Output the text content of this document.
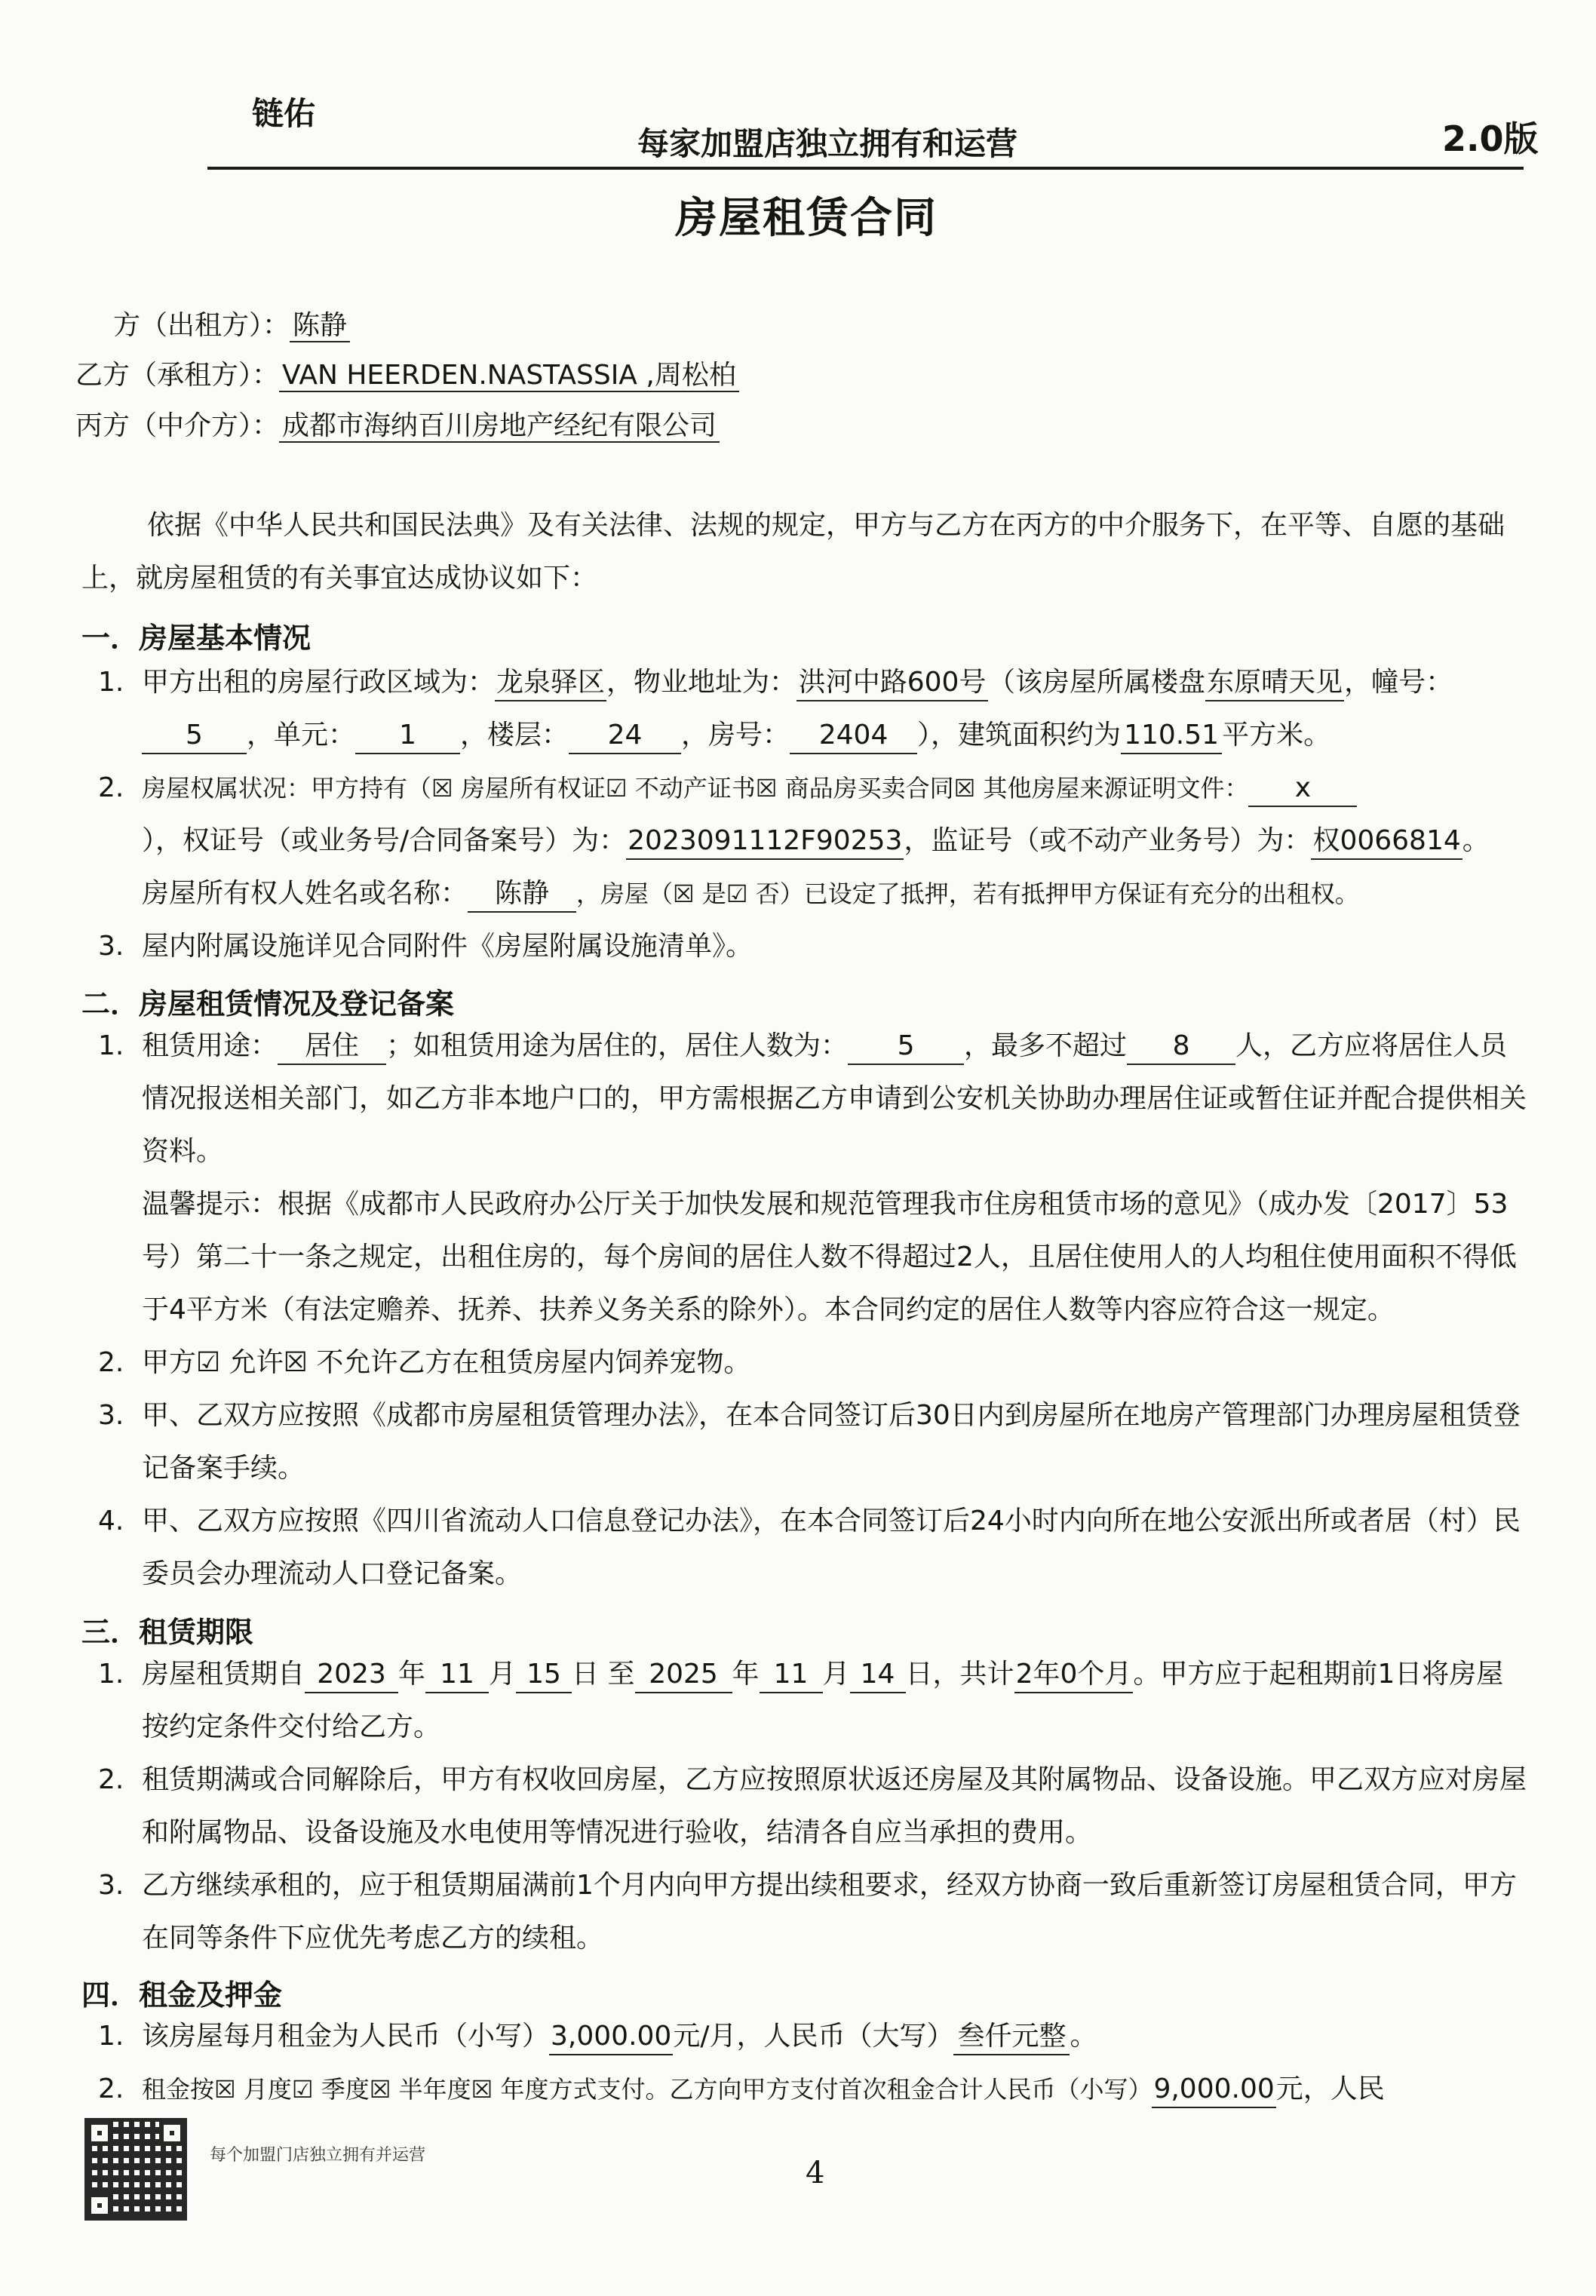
链佑
每家加盟店独立拥有和运营	2.0版
房屋租赁合同
方（出租方）： 陈静
乙方（承租方）： VAN HEERDEN.NASTASSIA ,周松柏
丙方（中介方）： 成都市海纳百川房地产经纪有限公司
依据《中华人民共和国民法典》及有关法律、法规的规定，甲方与乙方在丙方的中介服务下，在平等、自愿的基础
上，就房屋租赁的有关事宜达成协议如下：
一．房屋基本情况
1. 甲方出租的房屋行政区域为：龙泉驿区，物业地址为：洪河中路600号（该房屋所属楼盘东原晴天见，幢号：
5 ，单元： 1 ，楼层： 24 ，房号： 2404 ），建筑面积约为 110.51 平方米。
2. 房屋权属状况：甲方持有（☒ 房屋所有权证☑ 不动产证书☒ 商品房买卖合同☒ 其他房屋来源证明文件： x
），权证号（或业务号/合同备案号）为：2023091112F90253，监证号（或不动产业务号）为：权0066814。
房屋所有权人姓名或名称： 陈静 ，房屋（☒ 是☑ 否）已设定了抵押，若有抵押甲方保证有充分的出租权。
3. 屋内附属设施详见合同附件《房屋附属设施清单》。
二．房屋租赁情况及登记备案
1. 租赁用途： 居住 ；如租赁用途为居住的，居住人数为： 5 ，最多不超过 8 人，乙方应将居住人员
情况报送相关部门，如乙方非本地户口的，甲方需根据乙方申请到公安机关协助办理居住证或暂住证并配合提供相关
资料。
温馨提示：根据《成都市人民政府办公厅关于加快发展和规范管理我市住房租赁市场的意见》（成办发〔2017〕53
号）第二十一条之规定，出租住房的，每个房间的居住人数不得超过2人，且居住使用人的人均租住使用面积不得低
于4平方米（有法定赡养、抚养、扶养义务关系的除外）。本合同约定的居住人数等内容应符合这一规定。
2. 甲方☑ 允许☒ 不允许乙方在租赁房屋内饲养宠物。
3. 甲、乙双方应按照《成都市房屋租赁管理办法》，在本合同签订后30日内到房屋所在地房产管理部门办理房屋租赁登
记备案手续。
4. 甲、乙双方应按照《四川省流动人口信息登记办法》，在本合同签订后24小时内向所在地公安派出所或者居（村）民
委员会办理流动人口登记备案。
三．租赁期限
1. 房屋租赁期自 2023 年 11 月 15 日 至 2025 年 11 月 14 日，共计2年0个月。甲方应于起租期前1日将房屋
按约定条件交付给乙方。
2. 租赁期满或合同解除后，甲方有权收回房屋，乙方应按照原状返还房屋及其附属物品、设备设施。甲乙双方应对房屋
和附属物品、设备设施及水电使用等情况进行验收，结清各自应当承担的费用。
3. 乙方继续承租的，应于租赁期届满前1个月内向甲方提出续租要求，经双方协商一致后重新签订房屋租赁合同，甲方
在同等条件下应优先考虑乙方的续租。
四．租金及押金
1. 该房屋每月租金为人民币（小写）3,000.00元/月，人民币（大写） 叁仟元整 。
2. 租金按☒ 月度☑ 季度☒ 半年度☒ 年度方式支付。乙方向甲方支付首次租金合计人民币（小写）9,000.00元，人民
每个加盟门店独立拥有并运营
4
